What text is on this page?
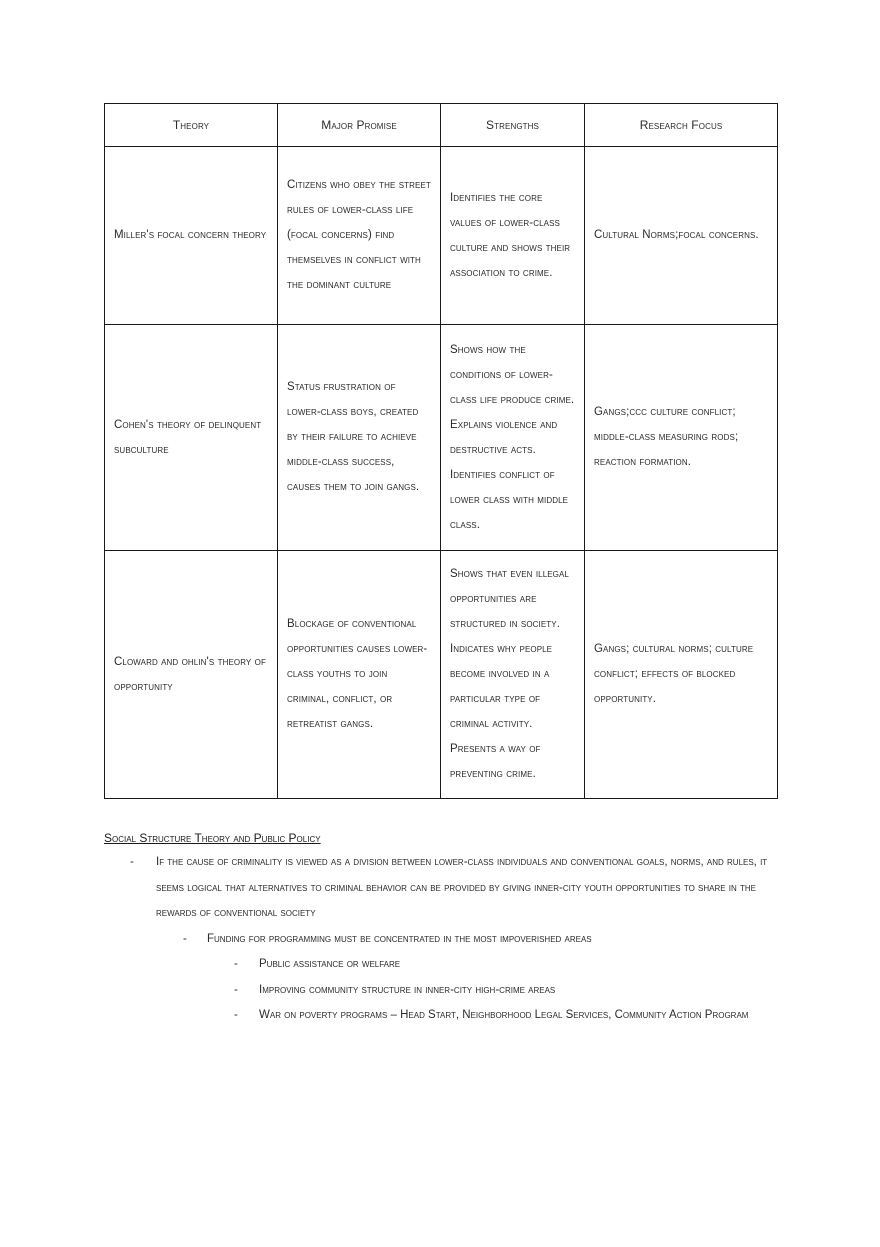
Theory	Major Promise	Strengths	Research Focus
Miller's focal concern theory	Citizens who obey the street rules of lower-class life (focal concerns) find themselves in conflict with the dominant culture	Identifies the core values of lower-class culture and shows their association to crime.	Cultural Norms;focal concerns.
Cohen's theory of delinquent subculture	Status frustration of lower-class boys, created by their failure to achieve middle-class success, causes them to join gangs.	Shows how the conditions of lower-class life produce crime. Explains violence and destructive acts. Identifies conflict of lower class with middle class.	Gangs;ccc culture conflict; middle-class measuring rods; reaction formation.
Cloward and ohlin's theory of opportunity	Blockage of conventional opportunities causes lower-class youths to join criminal, conflict, or retreatist gangs.	Shows that even illegal opportunities are structured in society. Indicates why people become involved in a particular type of criminal activity. Presents a way of preventing crime.	Gangs; cultural norms; culture conflict; effects of blocked opportunity.
Social Structure Theory and Public Policy
- If the cause of criminality is viewed as a division between lower-class individuals and conventional goals, norms, and rules, it seems logical that alternatives to criminal behavior can be provided by giving inner-city youth opportunities to share in the rewards of conventional society
- Funding for programming must be concentrated in the most impoverished areas
- Public assistance or welfare
- Improving community structure in inner-city high-crime areas
- War on poverty programs – Head Start, Neighborhood Legal Services, Community Action Program
